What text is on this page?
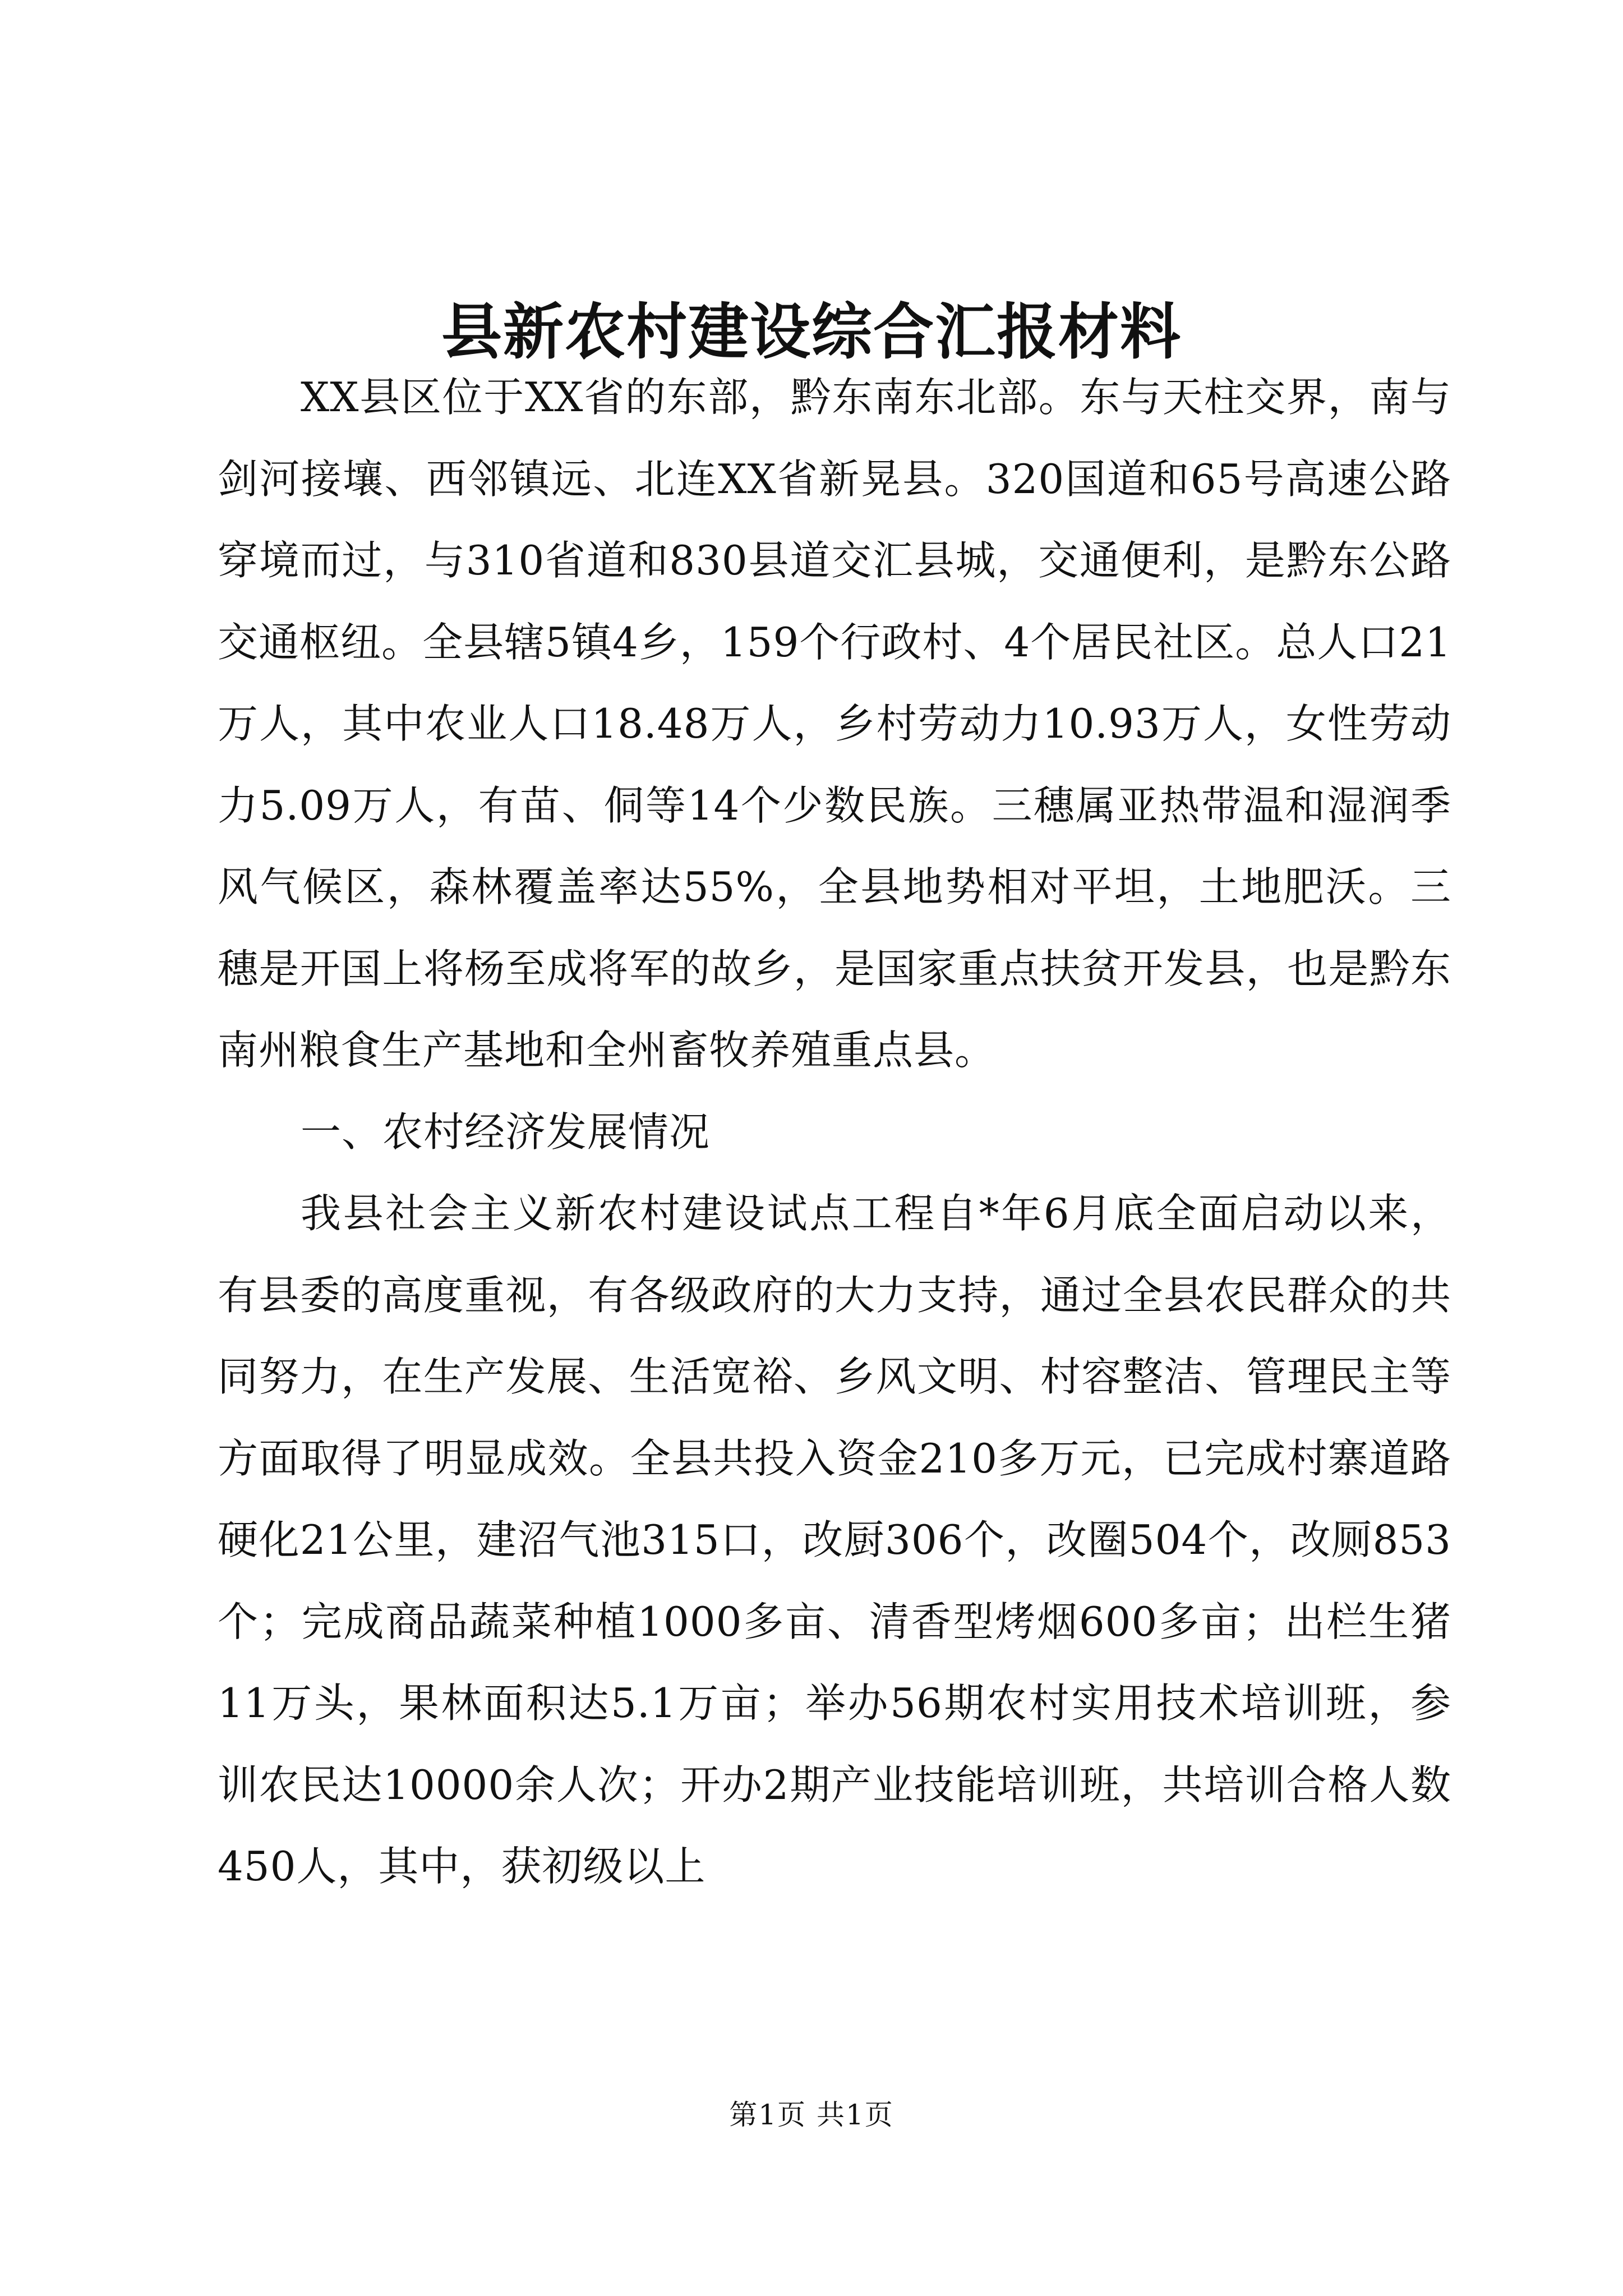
县新农村建设综合汇报材料

XX县区位于XX省的东部，黔东南东北部。东与天柱交界，南与剑河接壤、西邻镇远、北连XX省新晃县。320国道和65号高速公路穿境而过，与310省道和830县道交汇县城，交通便利，是黔东公路交通枢纽。全县辖5镇4乡，159个行政村、4个居民社区。总人口21万人，其中农业人口18.48万人，乡村劳动力10.93万人，女性劳动力5.09万人，有苗、侗等14个少数民族。三穗属亚热带温和湿润季风气候区，森林覆盖率达55%，全县地势相对平坦，土地肥沃。三穗是开国上将杨至成将军的故乡，是国家重点扶贫开发县，也是黔东南州粮食生产基地和全州畜牧养殖重点县。

一、农村经济发展情况

我县社会主义新农村建设试点工程自*年6月底全面启动以来，有县委的高度重视，有各级政府的大力支持，通过全县农民群众的共同努力，在生产发展、生活宽裕、乡风文明、村容整洁、管理民主等方面取得了明显成效。全县共投入资金210多万元，已完成村寨道路硬化21公里，建沼气池315口，改厨306个，改圈504个，改厕853个；完成商品蔬菜种植1000多亩、清香型烤烟600多亩；出栏生猪11万头，果林面积达5.1万亩；举办56期农村实用技术培训班，参训农民达10000余人次；开办2期产业技能培训班，共培训合格人数450人，其中，获初级以上

第1页 共1页
